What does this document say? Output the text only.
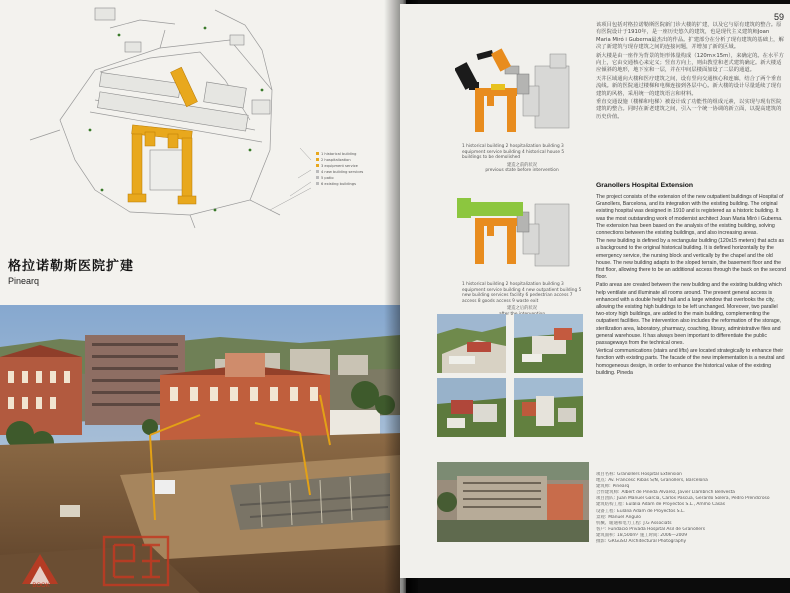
1 historical building
2 hospitalization
3 equipment service
4 new building services
5 patio
6 existing buildings
格拉诺勒斯医院扩建
Pinearq
BOOK
59
1 historical building 2 hospitalization building 3 equipment service building 4 historical house 5 buildings to be demolished
建造之前的状况
previous state before intervention
1 historical building 2 hospitalization building 3 equipment service building 4 new outpatient building 5 new building services facility 6 pedestrian access 7 access 8 goods access 9 waste exit
建造之后的状况
the

该项目包括对格拉诺勒斯医院新门诊大楼的扩建，以及它与原有建筑的整合。原有医院设计于1910年，是一座历史悠久的建筑，也是现代主义建筑师Joan Maria Miró i Guberna最杰出的作品。扩建部分在分析了现有建筑的基础上，解决了新建筑与现存建筑之间的连接问题，并增加了新的区域。

新大楼是由一座作为背景的矩形体量构成（120m×15m），来确定的。在水平方向上，它由交通核心来定义；竖直方向上，则由教堂和老式建筑确定。新大楼适应倾斜的地形，地下室和一层，并在中间层楼面加设了二层的通道。

天井区域通向大楼和医疗建筑之间，设有竖向交通核心和连廊，结合了两个垂直流线。新的医院通过楼梯和电梯连接到各层中心。新大楼的设计尽量延续了现有建筑的风格，采用统一的建筑语言和材料。

垂直交通设施（楼梯和电梯）被设计成了功能性的组成元素，以实现与现有医院建筑的整合。同时在新老建筑之间，引入一个统一协调的新立面，以提高建筑的历史价值。

Granollers Hospital Extension

The project consists of the extension of the new outpatient buildings of Hospital of Granollers, Barcelona, and its integration with the existing building. The original existing hospital was designed in 1910 and is registered as a historic building. It was the most outstanding work of modernist architect Joan Maria Miró i Guberna. The extension has been based on the analysis of the existing building, solving connections between the existing buildings, and also increasing areas.

The new building is defined by a rectangular building (120x15 meters) that acts as a background to the original historical building. It is defined horizontally by the emergency service, the nursing block and vertically by the chapel and the old house. The new building adapts to the sloped terrain, the basement floor and the first floor, allowing there to be an additional access through the back on the second floor.

Patio areas are created between the new building and the existing building which help ventilate and illuminate all rooms around. The present general access is enhanced with a double height hall and a large window that overlooks the city, allowing the existing high buildings to be left unchanged. Moreover, two parallel two-story high buildings, are added to the main building, complementing the outpatient facilities. The intervention also includes the reformation of the storage, sterilization area, laboratory, pharmacy, coaching, library, administrative files and general warehouse. It has always been important to differentiate the public passageways from the technical ones.

Vertical communications (stairs and lifts) are located strategically to enhance their function with existing parts. The facade of the new implementation is a neutral and homogeneous design, in order to enhance the historical value of the existing building. Pineda

项目名称: Granollers Hospital Extension
地点: Av. Francesc Ribas S/N, Granollers, Barcelona
建筑师: Pinearq
合作建筑师: Albert de Pineda Álvarez, Javier Llambrich Bellvesta
项目团队: Juan Manuel García, Carlos Pascua, Gerardo Solera, Pedro Prendcroso
建筑结构工程: Eulàlia Adam de Proyectos S.L., Ammo Casas
设备工程: Eulàlia Adam de Proyectos S.L.
景观: Manuel Angulo
机械、暖通和电力工程: J.G Associats
客户: Fundació Privada Hospital Asil de Granollers
建筑面积: 18,500m² 施工时间: 2006—2009
摄影: GRGuSO Architectural Photography
